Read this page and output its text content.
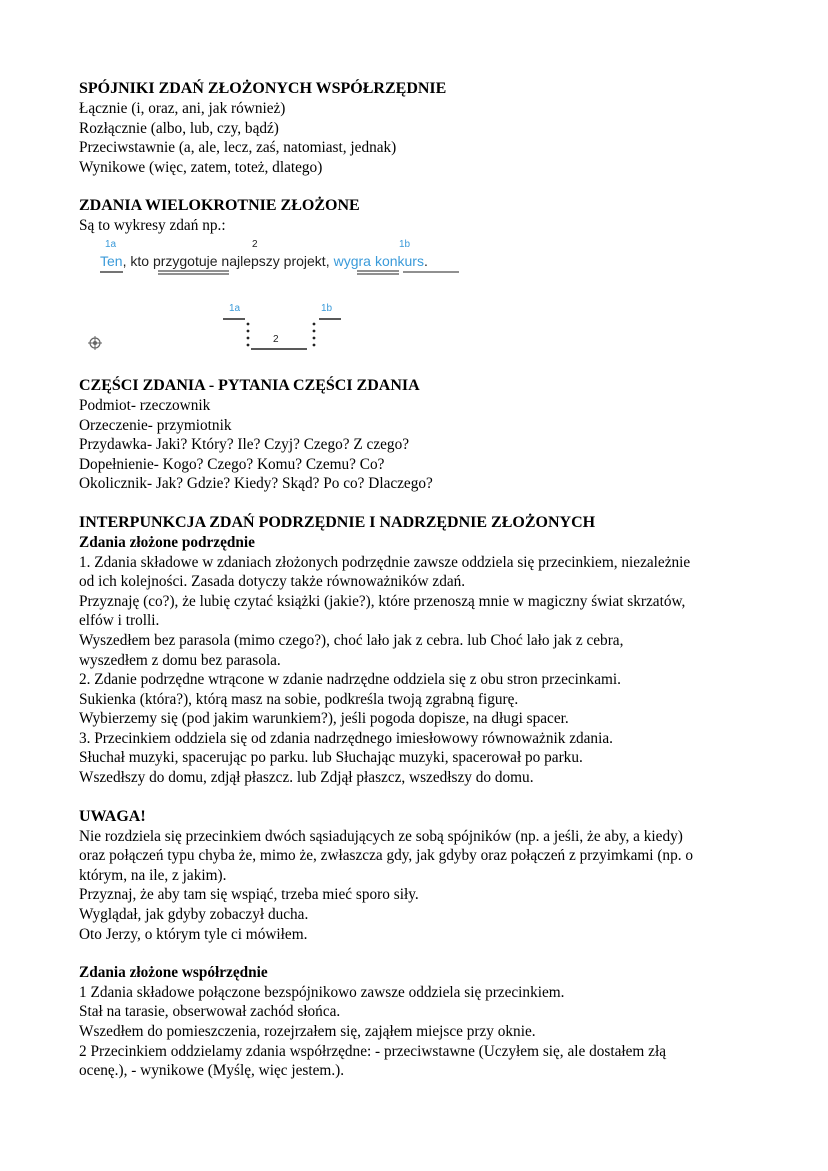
SPÓJNIKI ZDAŃ ZŁOŻONYCH WSPÓŁRZĘDNIE
Łącznie (i, oraz, ani, jak również)
Rozłącznie (albo, lub, czy, bądź)
Przeciwstawnie (a, ale, lecz, zaś, natomiast, jednak)
Wynikowe (więc, zatem, toteż, dlatego)
ZDANIA WIELOKROTNIE ZŁOŻONE
Są to wykresy zdań np.:
1a	2	1b
Ten, kto przygotuje najlepszy projekt, wygra konkurs.
1a	1b
2
CZĘŚCI ZDANIA - PYTANIA CZĘŚCI ZDANIA
Podmiot- rzeczownik
Orzeczenie- przymiotnik
Przydawka- Jaki? Który? Ile? Czyj? Czego? Z czego?
Dopełnienie- Kogo? Czego? Komu? Czemu? Co?
Okolicznik- Jak? Gdzie? Kiedy? Skąd? Po co? Dlaczego?
INTERPUNKCJA ZDAŃ PODRZĘDNIE I NADRZĘDNIE ZŁOŻONYCH
Zdania złożone podrzędnie
1. Zdania składowe w zdaniach złożonych podrzędnie zawsze oddziela się przecinkiem, niezależnie
od ich kolejności. Zasada dotyczy także równoważników zdań.
Przyznaję (co?), że lubię czytać książki (jakie?), które przenoszą mnie w magiczny świat skrzatów,
elfów i trolli.
Wyszedłem bez parasola (mimo czego?), choć lało jak z cebra. lub Choć lało jak z cebra,
wyszedłem z domu bez parasola.
2. Zdanie podrzędne wtrącone w zdanie nadrzędne oddziela się z obu stron przecinkami.
Sukienka (która?), którą masz na sobie, podkreśla twoją zgrabną figurę.
Wybierzemy się (pod jakim warunkiem?), jeśli pogoda dopisze, na długi spacer.
3. Przecinkiem oddziela się od zdania nadrzędnego imiesłowowy równoważnik zdania.
Słuchał muzyki, spacerując po parku. lub Słuchając muzyki, spacerował po parku.
Wszedłszy do domu, zdjął płaszcz. lub Zdjął płaszcz, wszedłszy do domu.
UWAGA!
Nie rozdziela się przecinkiem dwóch sąsiadujących ze sobą spójników (np. a jeśli, że aby, a kiedy)
oraz połączeń typu chyba że, mimo że, zwłaszcza gdy, jak gdyby oraz połączeń z przyimkami (np. o
którym, na ile, z jakim).
Przyznaj, że aby tam się wspiąć, trzeba mieć sporo siły.
Wyglądał, jak gdyby zobaczył ducha.
Oto Jerzy, o którym tyle ci mówiłem.
Zdania złożone współrzędnie
1 Zdania składowe połączone bezspójnikowo zawsze oddziela się przecinkiem.
Stał na tarasie, obserwował zachód słońca.
Wszedłem do pomieszczenia, rozejrzałem się, zająłem miejsce przy oknie.
2 Przecinkiem oddzielamy zdania współrzędne: - przeciwstawne (Uczyłem się, ale dostałem złą
ocenę.), - wynikowe (Myślę, więc jestem.).
